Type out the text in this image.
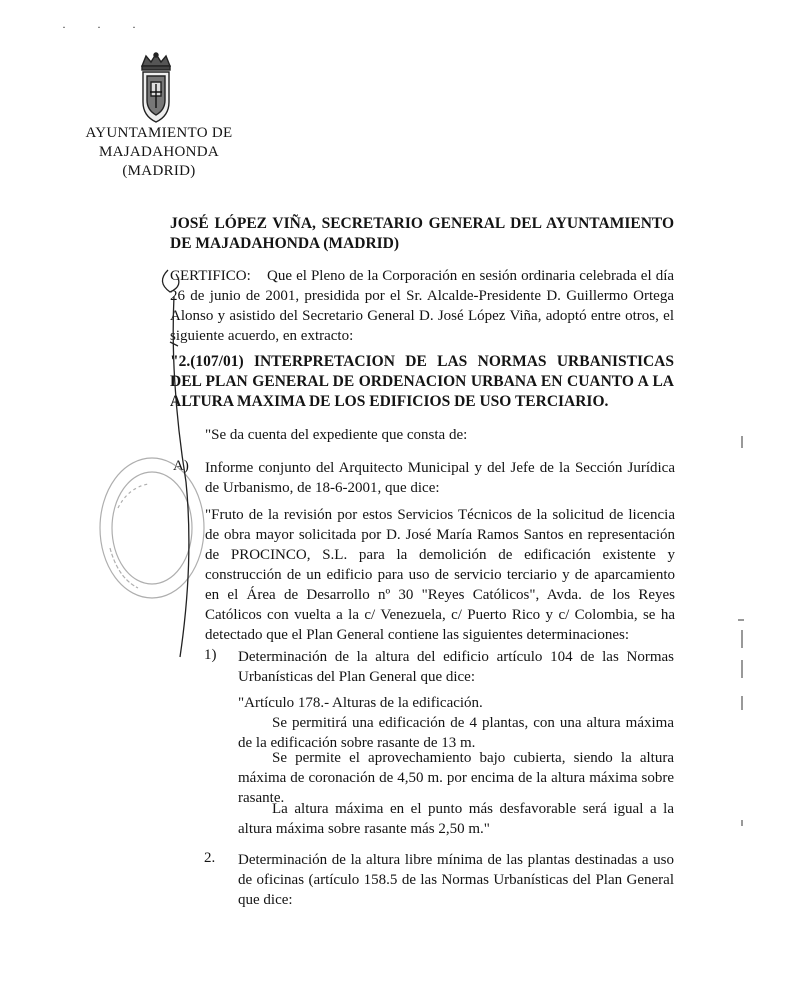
· · ·
AYUNTAMIENTO DE
MAJADAHONDA
(MADRID)
JOSÉ LÓPEZ VIÑA, SECRETARIO GENERAL DEL AYUNTAMIENTO DE MAJADAHONDA (MADRID)
CERTIFICO: Que el Pleno de la Corporación en sesión ordinaria celebrada el día 26 de junio de 2001, presidida por el Sr. Alcalde-Presidente D. Guillermo Ortega Alonso y asistido del Secretario General D. José López Viña, adoptó entre otros, el siguiente acuerdo, en extracto:
"2.(107/01) INTERPRETACION DE LAS NORMAS URBANISTICAS DEL PLAN GENERAL DE ORDENACION URBANA EN CUANTO A LA ALTURA MAXIMA DE LOS EDIFICIOS DE USO TERCIARIO.
"Se da cuenta del expediente que consta de:
A) Informe conjunto del Arquitecto Municipal y del Jefe de la Sección Jurídica de Urbanismo, de 18-6-2001, que dice:
"Fruto de la revisión por estos Servicios Técnicos de la solicitud de licencia de obra mayor solicitada por D. José María Ramos Santos en representación de PROCINCO, S.L. para la demolición de edificación existente y construcción de un edificio para uso de servicio terciario y de aparcamiento en el Área de Desarrollo nº 30 "Reyes Católicos", Avda. de los Reyes Católicos con vuelta a la c/ Venezuela, c/ Puerto Rico y c/ Colombia, se ha detectado que el Plan General contiene las siguientes determinaciones:
1) Determinación de la altura del edificio artículo 104 de las Normas Urbanísticas del Plan General que dice:
"Artículo 178.- Alturas de la edificación.
Se permitirá una edificación de 4 plantas, con una altura máxima de la edificación sobre rasante de 13 m.
Se permite el aprovechamiento bajo cubierta, siendo la altura máxima de coronación de 4,50 m. por encima de la altura máxima sobre rasante.
La altura máxima en el punto más desfavorable será igual a la altura máxima sobre rasante más 2,50 m."
2. Determinación de la altura libre mínima de las plantas destinadas a uso de oficinas (artículo 158.5 de las Normas Urbanísticas del Plan General que dice:
